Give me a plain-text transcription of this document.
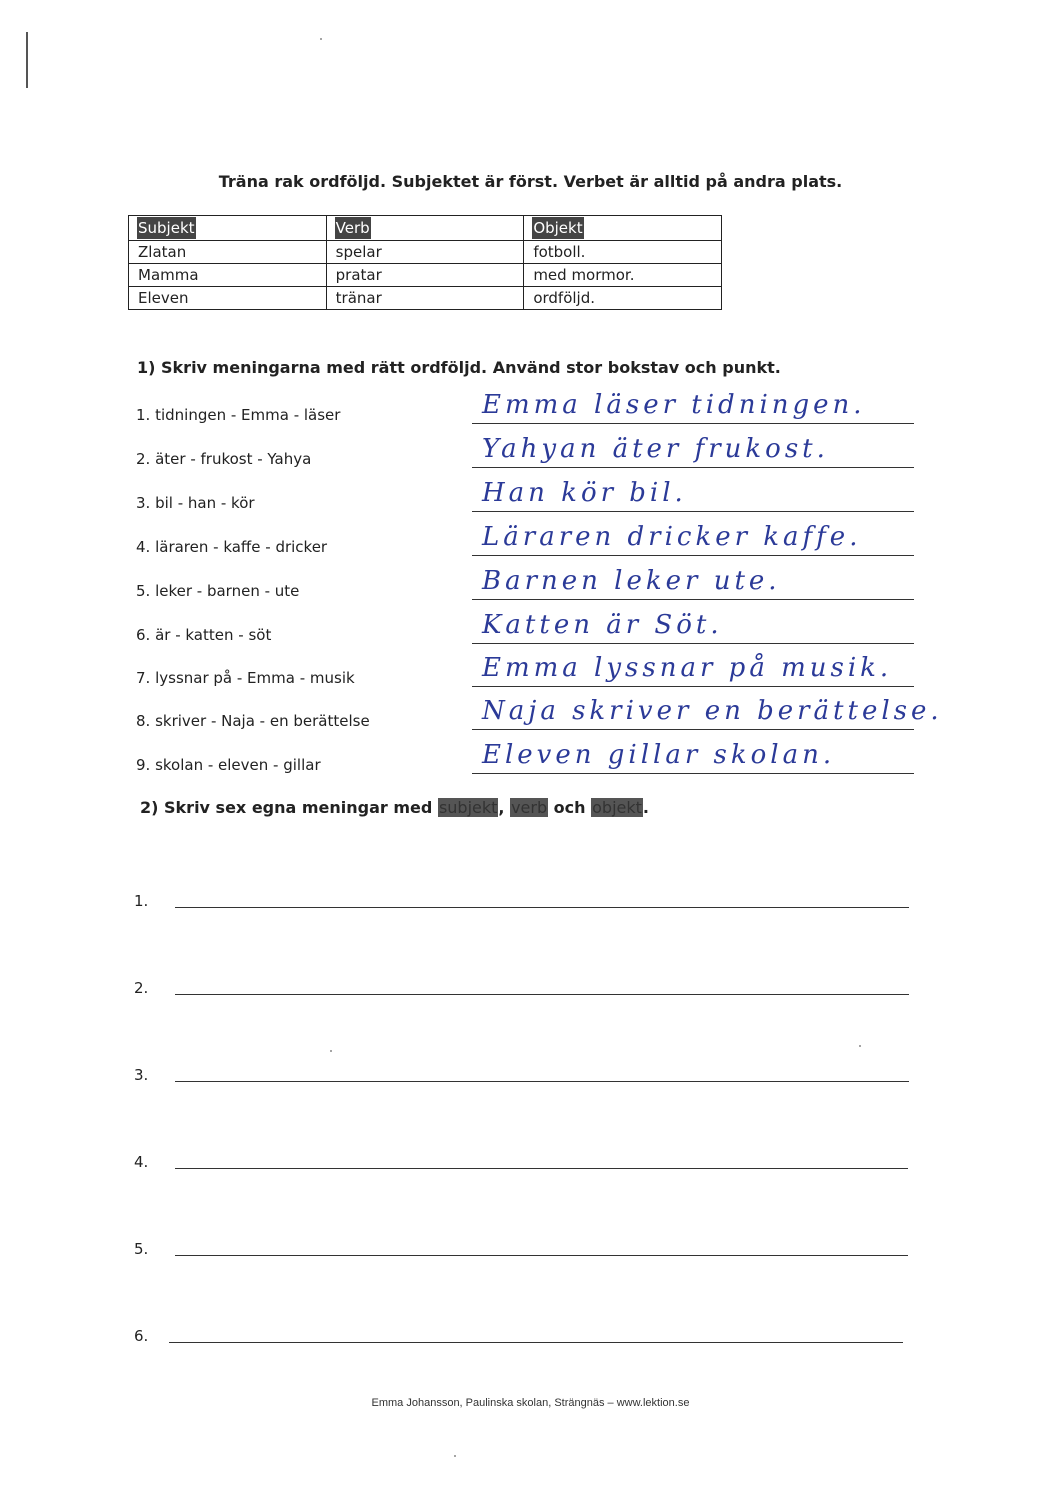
Träna rak ordföljd. Subjektet är först. Verbet är alltid på andra plats.
Subjekt	Verb	Objekt
Zlatan	spelar	fotboll.
Mamma	pratar	med mormor.
Eleven	tränar	ordföljd.
1) Skriv meningarna med rätt ordföljd. Använd stor bokstav och punkt.
1. tidningen - Emma - läser	Emma läser tidningen.
2. äter - frukost - Yahya	Yahyan äter frukost.
3. bil - han - kör	Han kör bil.
4. läraren - kaffe - dricker	Läraren dricker kaffe.
5. leker - barnen - ute	Barnen leker ute.
6. är - katten - söt	Katten är Söt.
7. lyssnar på - Emma - musik	Emma lyssnar på musik.
8. skriver - Naja - en berättelse	Naja skriver en berättelse.
9. skolan - eleven - gillar	Eleven gillar skolan.
2) Skriv sex egna meningar med subjekt, verb och objekt.
1.
2.
3.
4.
5.
6.
Emma Johansson, Paulinska skolan, Strängnäs – www.lektion.se
